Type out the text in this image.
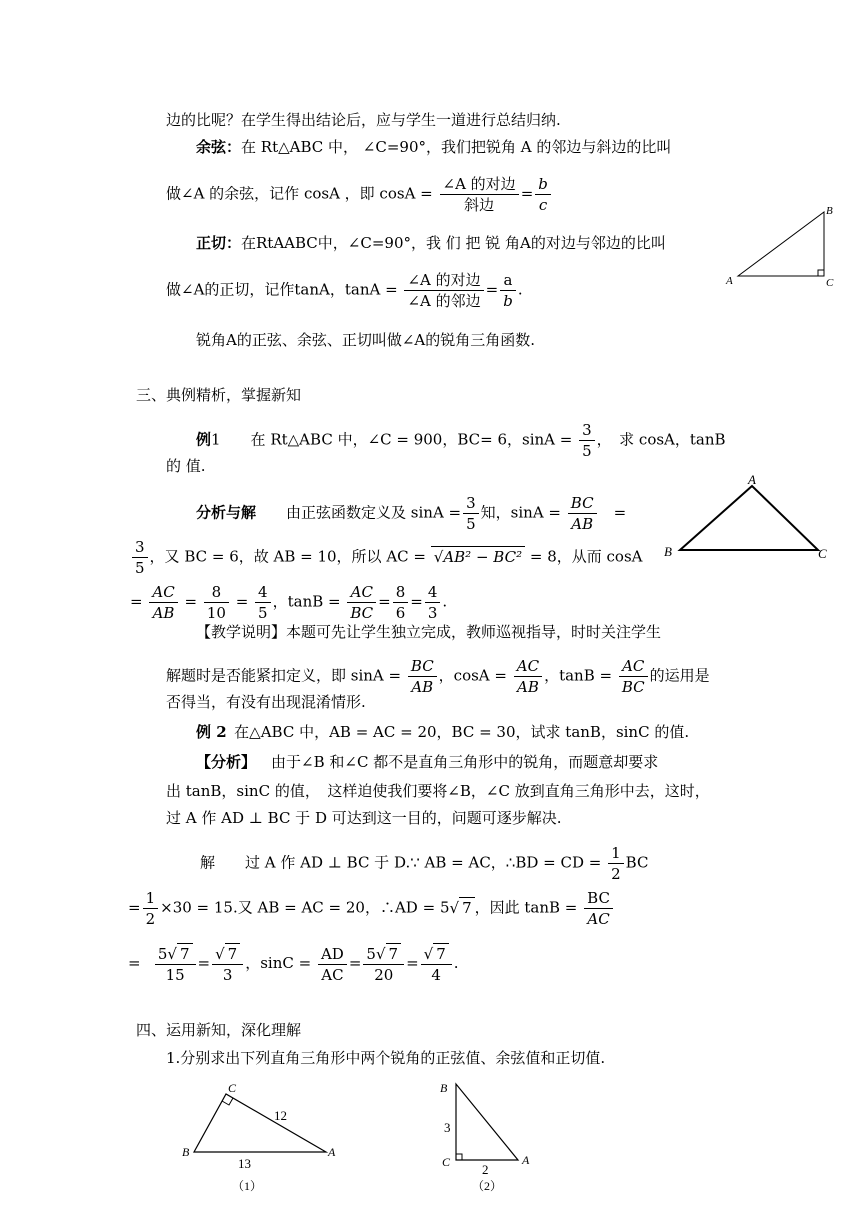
边的比呢？在学生得出结论后，应与学生一道进行总结归纳.
余弦：在 Rt△ABC 中， ∠C=90°，我们把锐角 A 的邻边与斜边的比叫
做∠A 的余弦，记作 cosA ，即 $\cos A = \frac{\text{∠A 的对边}}{\text{斜边}} = \frac{b}{c}$
正切：在RtAABC中，∠C=90°，我 们 把 锐 角A的对边与邻边的比叫
做∠A的正切，记作tanA，$\tan A = \frac{\text{∠A 的对边}}{\text{∠A 的邻边}} = \frac{a}{b}$ .
B
A	C
锐角A的正弦、余弦、正切叫做∠A的锐角三角函数.
三、典例精析，掌握新知
例1　　在 Rt△ABC 中，∠C = 900，BC= 6，$\sin A = \frac{3}{5}$ ，　求 cosA，tanB
的 值.
分析与解　　 由正弦函数定义及 $\sin A = \frac{3}{5}$ 知，$\sin A = \frac{BC}{AB}$
   =
$\frac{3}{5}$ ，又 BC = 6，故 AB = 10，所以 AC = √AB² − BC² = 8，从而 cosA
= $\frac{AC}{AB} = \frac{8}{10} = \frac{4}{5}$ ，$\tan B = \frac{AC}{BC} = \frac{8}{6} = \frac{4}{3}$ .
A
B	C
【教学说明】本题可先让学生独立完成，教师巡视指导，时时关注学生
解题时是否能紧扣定义，即 $\sin A = \frac{BC}{AB}$ ，$\cos A = \frac{AC}{AB}$ ，$\tan B = \frac{AC}{BC}$ 的运用是
否得当，有没有出现混淆情形.
例 2  在△ABC 中，AB = AC = 20，BC = 30，试求 tanB，sinC 的值.
【分析】　  由于∠B 和∠C 都不是直角三角形中的锐角，而题意却要求
出 tanB，sinC 的值，　这样迫使我们要将∠B，∠C 放到直角三角形中去，这时，
过 A 作 AD ⊥ BC 于 D 可达到这一目的，问题可逐步解决.
解　　过 A 作 AD ⊥ BC 于 D.∵ AB = AC，∴BD = CD = $\frac{1}{2}$ BC
= $\frac{1}{2} \times 30 = 15$.又 AB = AC = 20，∴AD = 5√ 7 ，因此 $\tan B = \frac{BC}{AC}$
=  $\frac{5√ 7}{15} = \frac{√ 7}{3}$ ，$\sin C = \frac{AD}{AC} = \frac{5√ 7}{20} = \frac{√ 7}{4}$ .
四、运用新知，深化理解
1.分别求出下列直角三角形中两个锐角的正弦值、余弦值和正切值.
C
B	A
12
13
（1）
B
C	A
3
2
（2）
